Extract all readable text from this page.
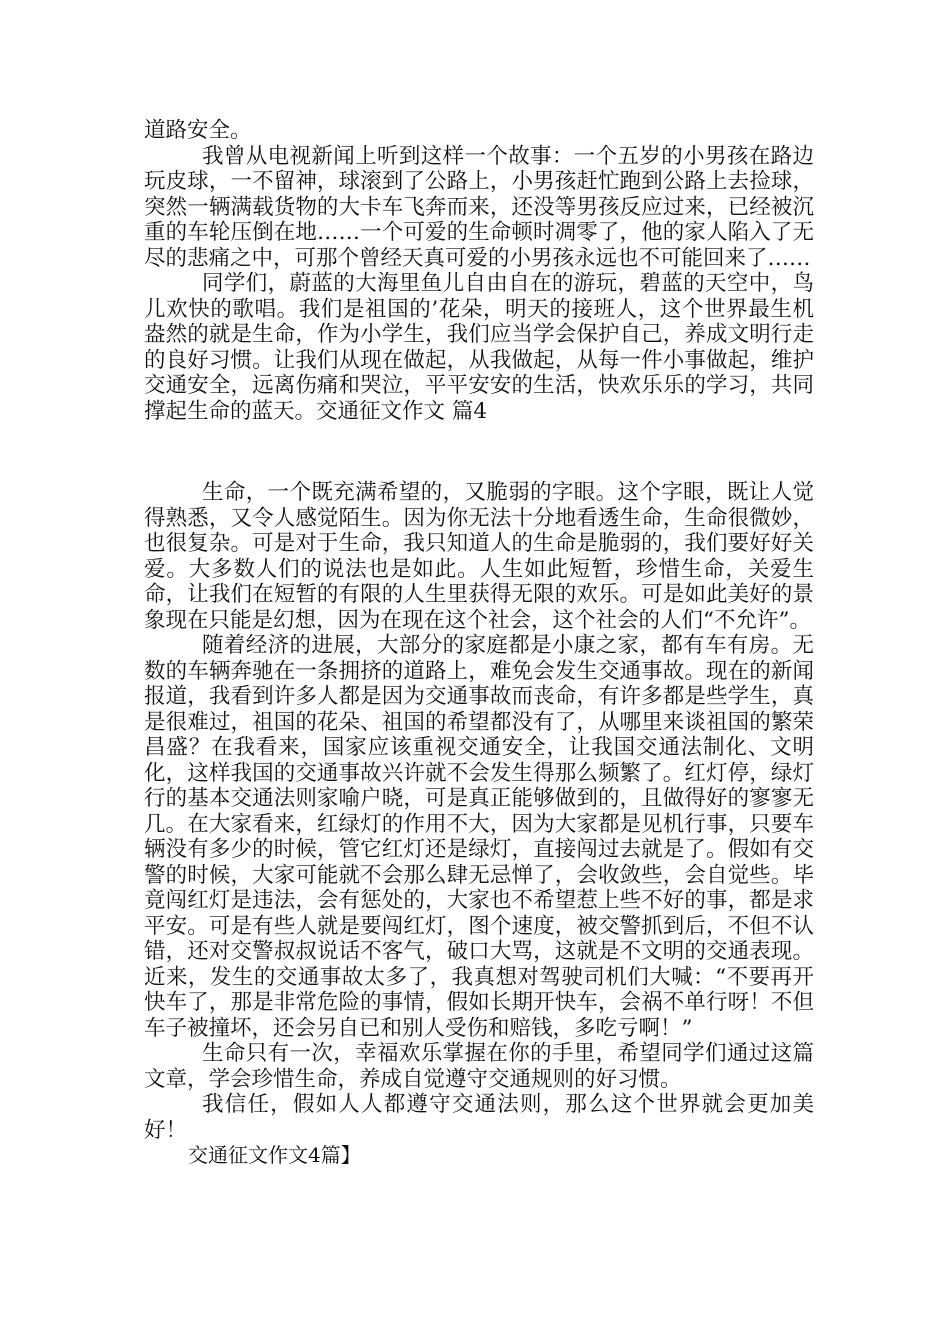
道路安全。

我曾从电视新闻上听到这样一个故事：一个五岁的小男孩在路边玩皮球，一不留神，球滚到了公路上，小男孩赶忙跑到公路上去捡球，突然一辆满载货物的大卡车飞奔而来，还没等男孩反应过来，已经被沉重的车轮压倒在地……一个可爱的生命顿时凋零了，他的家人陷入了无尽的悲痛之中，可那个曾经天真可爱的小男孩永远也不可能回来了……

同学们，蔚蓝的大海里鱼儿自由自在的游玩，碧蓝的天空中，鸟儿欢快的歌唱。我们是祖国的’花朵，明天的接班人，这个世界最生机盎然的就是生命，作为小学生，我们应当学会保护自己，养成文明行走的良好习惯。让我们从现在做起，从我做起，从每一件小事做起，维护交通安全，远离伤痛和哭泣，平平安安的生活，快欢乐乐的学习，共同撑起生命的蓝天。交通征文作文 篇4

生命，一个既充满希望的，又脆弱的字眼。这个字眼，既让人觉得熟悉，又令人感觉陌生。因为你无法十分地看透生命，生命很微妙，也很复杂。可是对于生命，我只知道人的生命是脆弱的，我们要好好关爱。大多数人们的说法也是如此。人生如此短暂，珍惜生命，关爱生命，让我们在短暂的有限的人生里获得无限的欢乐。可是如此美好的景象现在只能是幻想，因为在现在这个社会，这个社会的人们“不允许”。

随着经济的进展，大部分的家庭都是小康之家，都有车有房。无数的车辆奔驰在一条拥挤的道路上，难免会发生交通事故。现在的新闻报道，我看到许多人都是因为交通事故而丧命，有许多都是些学生，真是很难过，祖国的花朵、祖国的希望都没有了，从哪里来谈祖国的繁荣昌盛？在我看来，国家应该重视交通安全，让我国交通法制化、文明化，这样我国的交通事故兴许就不会发生得那么频繁了。红灯停，绿灯行的基本交通法则家喻户晓，可是真正能够做到的，且做得好的寥寥无几。在大家看来，红绿灯的作用不大，因为大家都是见机行事，只要车辆没有多少的时候，管它红灯还是绿灯，直接闯过去就是了。假如有交警的时候，大家可能就不会那么肆无忌惮了，会收敛些，会自觉些。毕竟闯红灯是违法，会有惩处的，大家也不希望惹上些不好的事，都是求平安。可是有些人就是要闯红灯，图个速度，被交警抓到后，不但不认错，还对交警叔叔说话不客气，破口大骂，这就是不文明的交通表现。近来，发生的交通事故太多了，我真想对驾驶司机们大喊：“不要再开快车了，那是非常危险的事情，假如长期开快车，会祸不单行呀！不但车子被撞坏，还会另自已和别人受伤和赔钱，多吃亏啊！”

生命只有一次，幸福欢乐掌握在你的手里，希望同学们通过这篇文章，学会珍惜生命，养成自觉遵守交通规则的好习惯。

我信任，假如人人都遵守交通法则，那么这个世界就会更加美好！

交通征文作文4篇】
